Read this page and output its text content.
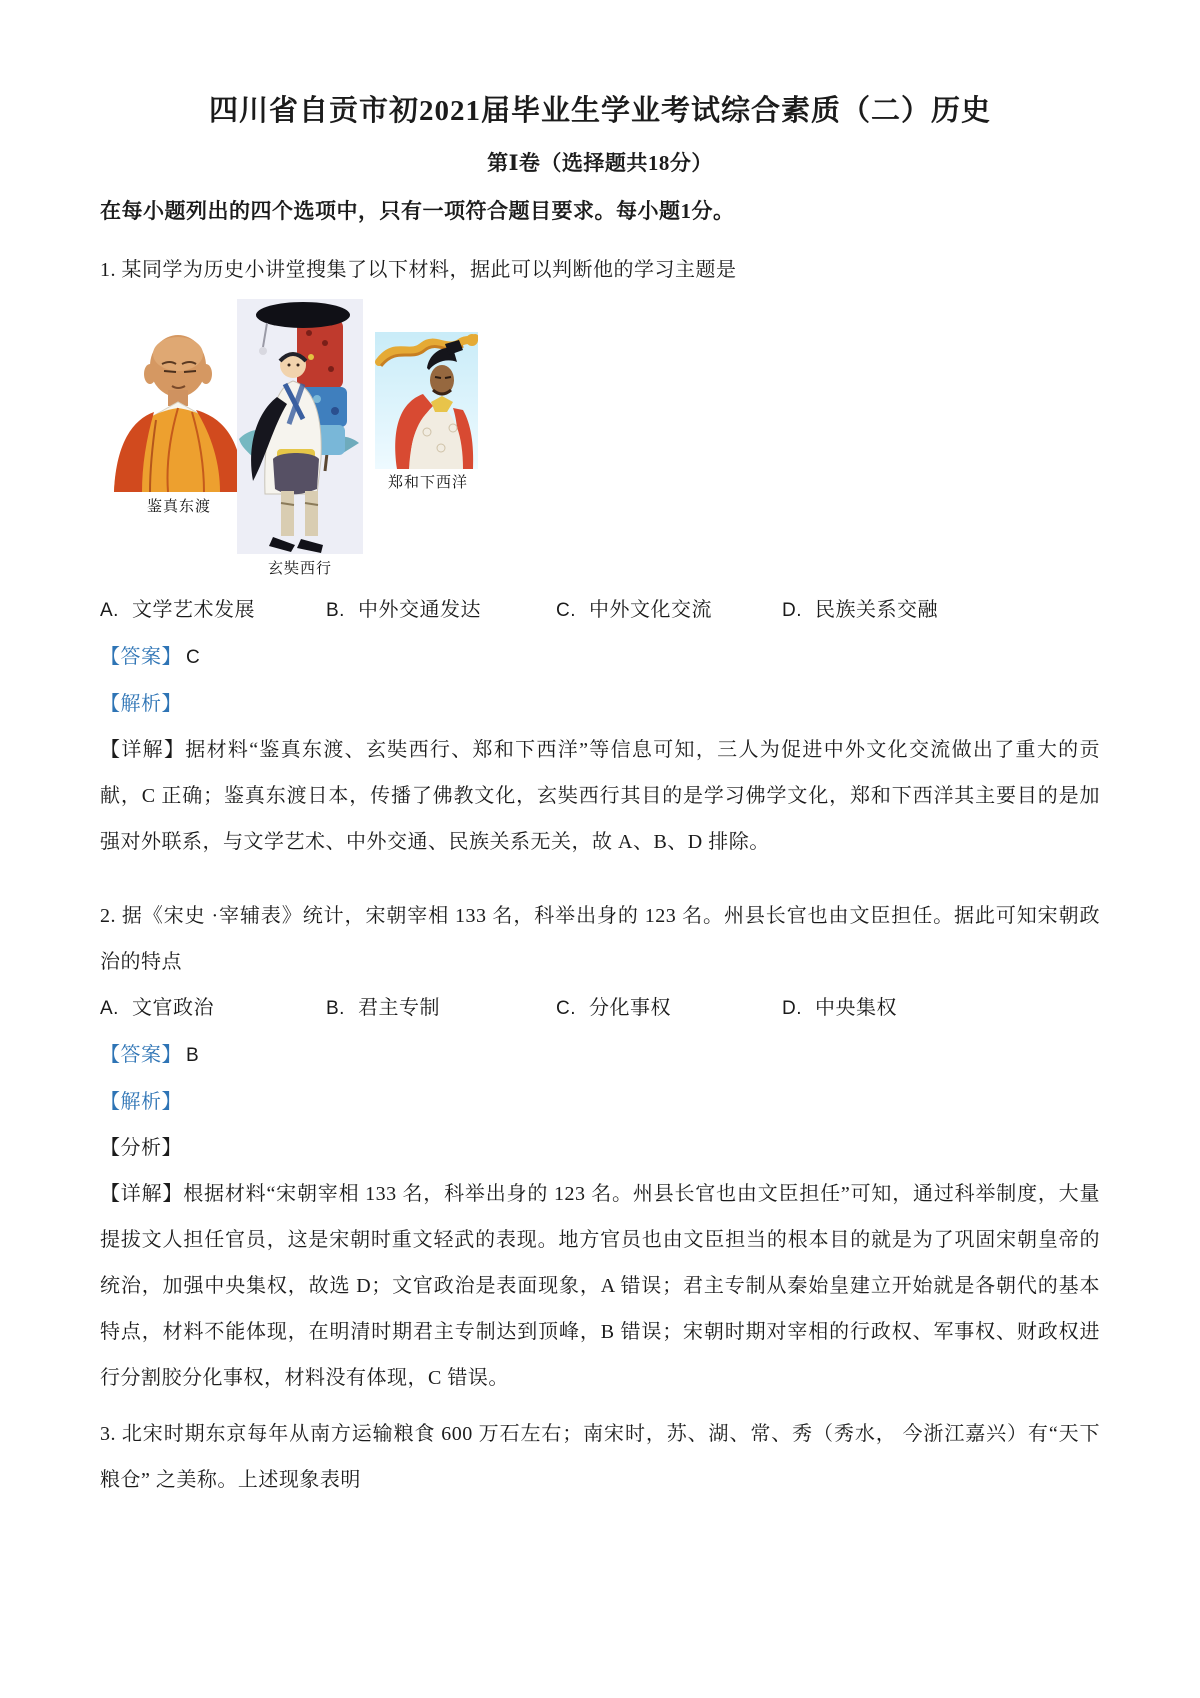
四川省自贡市初2021届毕业生学业考试综合素质（二）历史
第Ⅰ卷（选择题共18分）

在每小题列出的四个选项中，只有一项符合题目要求。每小题1分。

1. 某同学为历史小讲堂搜集了以下材料，据此可以判断他的学习主题是

鉴真东渡
玄奘西行
郑和下西洋
A. 文学艺术发展	B. 中外交通发达	C. 中外文化交流	D. 民族关系交融

【答案】 C

【解析】

【详解】据材料“鉴真东渡、玄奘西行、郑和下西洋”等信息可知，三人为促进中外文化交流做出了重大的贡献，C 正确；鉴真东渡日本，传播了佛教文化，玄奘西行其目的是学习佛学文化，郑和下西洋其主要目的是加强对外联系，与文学艺术、中外交通、民族关系无关，故 A、B、D 排除。

2. 据《宋史 ·宰辅表》统计，宋朝宰相 133 名，科举出身的 123 名。州县长官也由文臣担任。据此可知宋朝政治的特点

A. 文官政治	B. 君主专制	C. 分化事权	D. 中央集权

【答案】 B

【解析】

【分析】

【详解】根据材料“宋朝宰相 133 名，科举出身的 123 名。州县长官也由文臣担任”可知，通过科举制度，大量提拔文人担任官员，这是宋朝时重文轻武的表现。地方官员也由文臣担当的根本目的就是为了巩固宋朝皇帝的统治，加强中央集权，故选 D；文官政治是表面现象，A 错误；君主专制从秦始皇建立开始就是各朝代的基本特点，材料不能体现，在明清时期君主专制达到顶峰，B 错误；宋朝时期对宰相的行政权、军事权、财政权进行分割胶分化事权，材料没有体现，C 错误。

3. 北宋时期东京每年从南方运输粮食 600 万石左右；南宋时，苏、湖、常、秀（秀水， 今浙江嘉兴）有“天下粮仓” 之美称。上述现象表明
